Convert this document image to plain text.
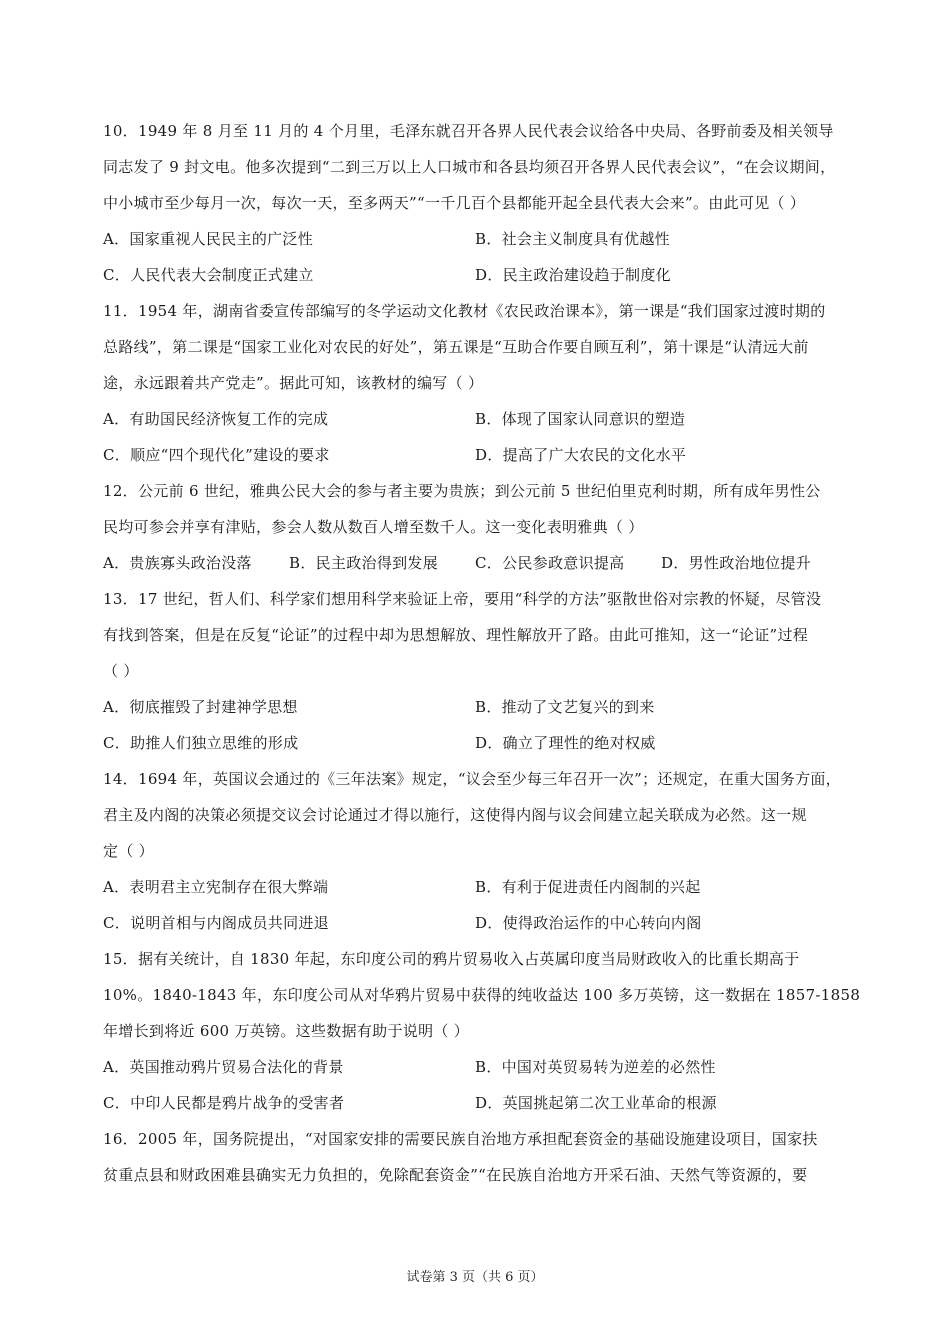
10．1949 年 8 月至 11 月的 4 个月里，毛泽东就召开各界人民代表会议给各中央局、各野前委及相关领导
同志发了 9 封文电。他多次提到“二到三万以上人口城市和各县均须召开各界人民代表会议”，“在会议期间，
中小城市至少每月一次，每次一天，至多两天”“一千几百个县都能开起全县代表大会来”。由此可见（ ）
A．国家重视人民民主的广泛性	B．社会主义制度具有优越性
C．人民代表大会制度正式建立	D．民主政治建设趋于制度化
11．1954 年，湖南省委宣传部编写的冬学运动文化教材《农民政治课本》，第一课是“我们国家过渡时期的
总路线”，第二课是“国家工业化对农民的好处”，第五课是“互助合作要自顾互利”，第十课是“认清远大前
途，永远跟着共产党走”。据此可知，该教材的编写（ ）
A．有助国民经济恢复工作的完成	B．体现了国家认同意识的塑造
C．顺应“四个现代化”建设的要求	D．提高了广大农民的文化水平
12．公元前 6 世纪，雅典公民大会的参与者主要为贵族；到公元前 5 世纪伯里克利时期，所有成年男性公
民均可参会并享有津贴，参会人数从数百人增至数千人。这一变化表明雅典（ ）
A．贵族寡头政治没落 B．民主政治得到发展 C．公民参政意识提高 D．男性政治地位提升
13．17 世纪，哲人们、科学家们想用科学来验证上帝，要用“科学的方法”驱散世俗对宗教的怀疑，尽管没
有找到答案，但是在反复“论证”的过程中却为思想解放、理性解放开了路。由此可推知，这一“论证”过程
（ ）
A．彻底摧毁了封建神学思想	B．推动了文艺复兴的到来
C．助推人们独立思维的形成	D．确立了理性的绝对权威
14．1694 年，英国议会通过的《三年法案》规定，“议会至少每三年召开一次”；还规定，在重大国务方面，
君主及内阁的决策必须提交议会讨论通过才得以施行，这使得内阁与议会间建立起关联成为必然。这一规
定（ ）
A．表明君主立宪制存在很大弊端	B．有利于促进责任内阁制的兴起
C．说明首相与内阁成员共同进退	D．使得政治运作的中心转向内阁
15．据有关统计，自 1830 年起，东印度公司的鸦片贸易收入占英属印度当局财政收入的比重长期高于
10%。1840-1843 年，东印度公司从对华鸦片贸易中获得的纯收益达 100 多万英镑，这一数据在 1857-1858
年增长到将近 600 万英镑。这些数据有助于说明（ ）
A．英国推动鸦片贸易合法化的背景	B．中国对英贸易转为逆差的必然性
C．中印人民都是鸦片战争的受害者	D．英国挑起第二次工业革命的根源
16．2005 年，国务院提出，“对国家安排的需要民族自治地方承担配套资金的基础设施建设项目，国家扶
贫重点县和财政困难县确实无力负担的，免除配套资金”“在民族自治地方开采石油、天然气等资源的，要
试卷第 3 页（共 6 页）
